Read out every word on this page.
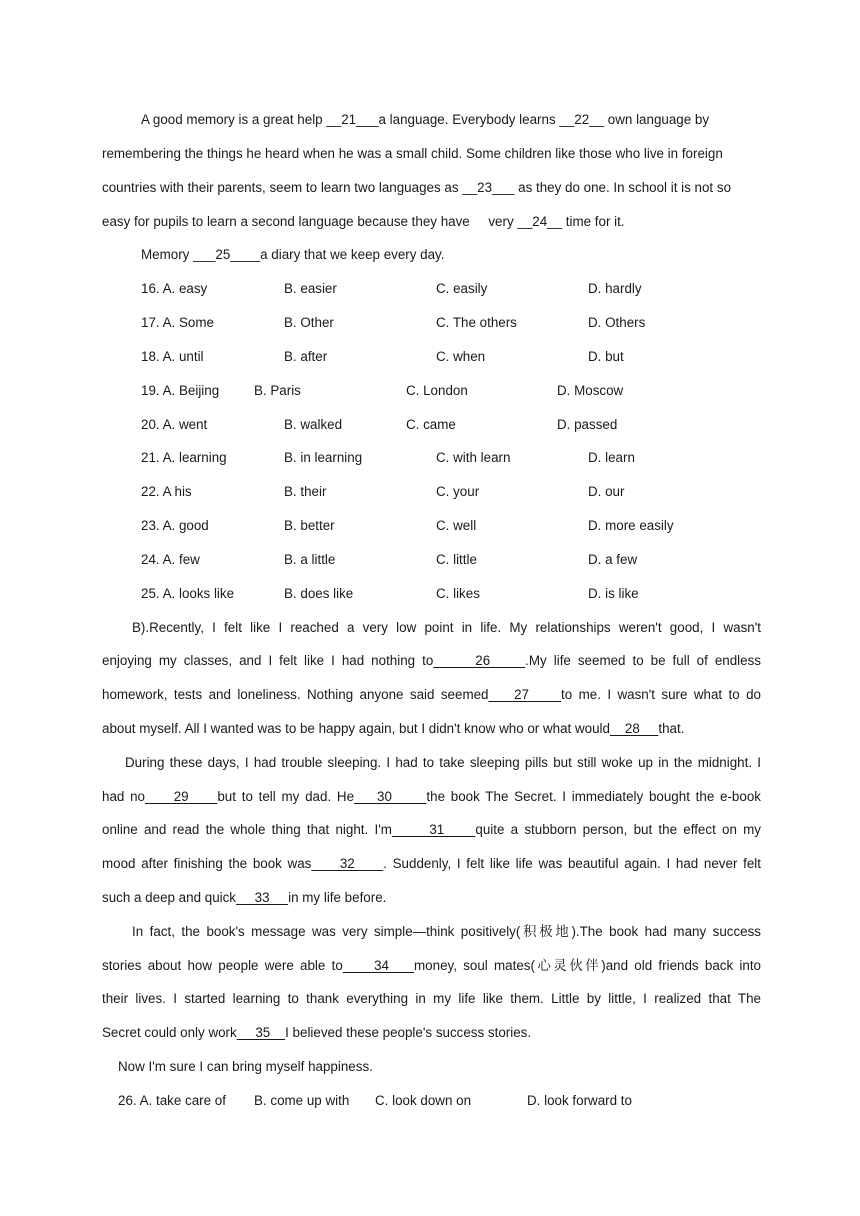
A good memory is a great help __21___a language. Everybody learns __22__ own language by
remembering the things he heard when he was a small child. Some children like those who live in foreign
countries with their parents, seem to learn two languages as __23___ as they do one. In school it is not so
easy for pupils to learn a second language because they have     very __24__ time for it.
Memory ___25____a diary that we keep every day.
16. A. easy	B. easier	C. easily	D. hardly
17. A. Some	B. Other	C. The others	D. Others
18. A. until	B. after	C. when	D. but
19. A. Beijing	B. Paris	C. London	D. Moscow
20. A. went	B. walked	C. came	D. passed
21. A. learning	B. in learning	C. with learn	D. learn
22. A his	B. their	C. your	D. our
23. A. good	B. better	C. well	D. more easily
24. A. few	B. a little	C. little	D. a few
25. A. looks like	B. does like	C. likes	D. is like
B).Recently, I felt like I reached a very low point in life. My relationships weren't good, I wasn't
enjoying my classes, and I felt like I had nothing to      26     .My life seemed to be full of endless
homework, tests and loneliness. Nothing anyone said seemed    27     to me. I wasn't sure what to do
about myself. All I wanted was to be happy again, but I didn't know who or what would    28     that.
During these days, I had trouble sleeping. I had to take sleeping pills but still woke up in the midnight. I
had no     29     but to tell my dad. He    30      the book The Secret. I immediately bought the e-book
online and read the whole thing that night. I'm      31     quite a stubborn person, but the effect on my
mood after finishing the book was     32     . Suddenly, I felt like life was beautiful again. I had never felt
such a deep and quick     33     in my life before.
In fact, the book's message was very simple—think positively(积极地).The book had many success
stories about how people were able to     34    money, soul mates(心灵伙伴)and old friends back into
their lives. I started learning to thank everything in my life like them. Little by little, I realized that The
Secret could only work     35    I believed these people's success stories.
Now I'm sure I can bring myself happiness.
26. A. take care of B. come up with C. look down on	D. look forward to
